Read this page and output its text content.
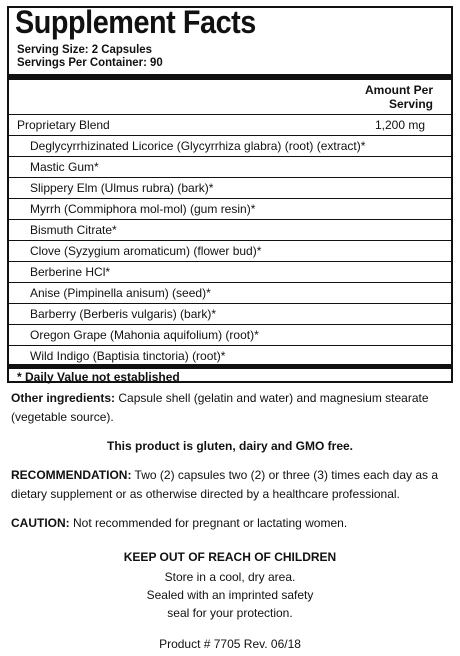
Supplement Facts
Serving Size: 2 Capsules
Servings Per Container: 90
Amount Per
Serving
Proprietary Blend	1,200 mg
Deglycyrrhizinated Licorice (Glycyrrhiza glabra) (root) (extract)*
Mastic Gum*
Slippery Elm (Ulmus rubra) (bark)*
Myrrh (Commiphora mol-mol) (gum resin)*
Bismuth Citrate*
Clove (Syzygium aromaticum) (flower bud)*
Berberine HCl*
Anise (Pimpinella anisum) (seed)*
Barberry (Berberis vulgaris) (bark)*
Oregon Grape (Mahonia aquifolium) (root)*
Wild Indigo (Baptisia tinctoria) (root)*
* Daily Value not established
Other ingredients: Capsule shell (gelatin and water) and magnesium stearate (vegetable source).
This product is gluten, dairy and GMO free.
RECOMMENDATION: Two (2) capsules two (2) or three (3) times each day as a dietary supplement or as otherwise directed by a healthcare professional.
CAUTION: Not recommended for pregnant or lactating women.
KEEP OUT OF REACH OF CHILDREN
Store in a cool, dry area.
Sealed with an imprinted safety
seal for your protection.
Product # 7705 Rev. 06/18
